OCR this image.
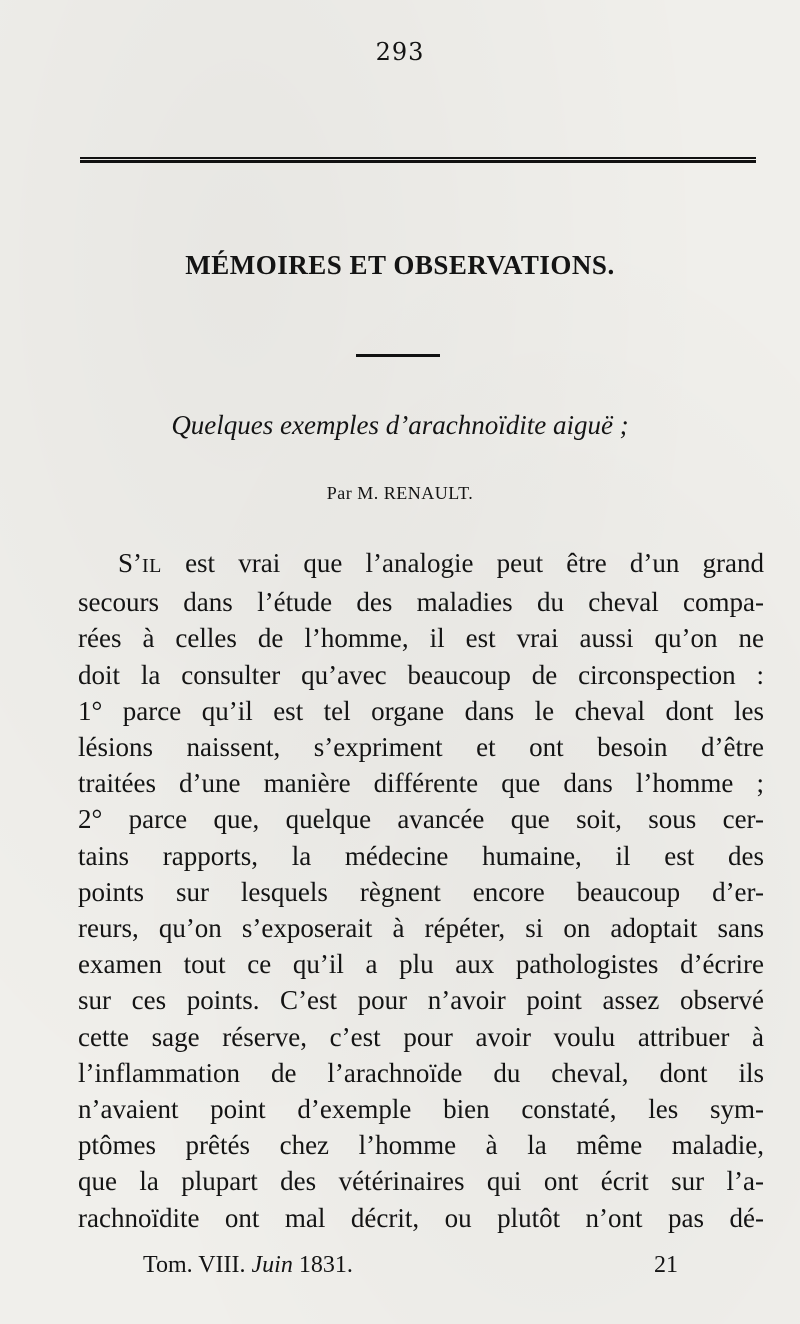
293
MÉMOIRES ET OBSERVATIONS.
Quelques exemples d’arachnoïdite aiguë ;
Par M. RENAULT.
S’IL est vrai que l’analogie peut être d’un grand
secours dans l’étude des maladies du cheval compa-
rées à celles de l’homme, il est vrai aussi qu’on ne
doit la consulter qu’avec beaucoup de circonspection :
1° parce qu’il est tel organe dans le cheval dont les
lésions naissent, s’expriment et ont besoin d’être
traitées d’une manière différente que dans l’homme ;
2° parce que, quelque avancée que soit, sous cer-
tains rapports, la médecine humaine, il est des
points sur lesquels règnent encore beaucoup d’er-
reurs, qu’on s’exposerait à répéter, si on adoptait sans
examen tout ce qu’il a plu aux pathologistes d’écrire
sur ces points. C’est pour n’avoir point assez observé
cette sage réserve, c’est pour avoir voulu attribuer à
l’inflammation de l’arachnoïde du cheval, dont ils
n’avaient point d’exemple bien constaté, les sym-
ptômes prêtés chez l’homme à la même maladie,
que la plupart des vétérinaires qui ont écrit sur l’a-
rachnoïdite ont mal décrit, ou plutôt n’ont pas dé-
Tom. VIII. Juin 1831.	21
